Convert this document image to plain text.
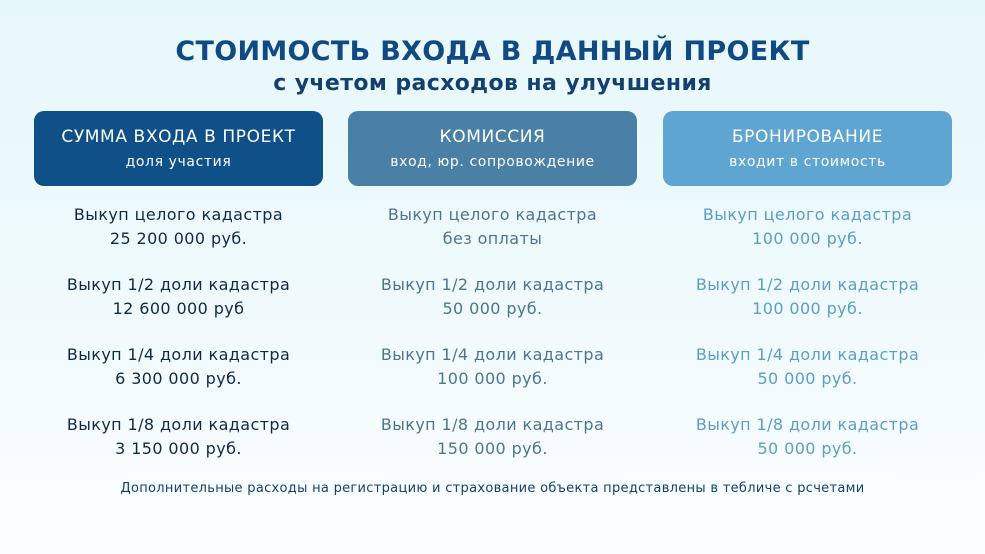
СТОИМОСТЬ ВХОДА В ДАННЫЙ ПРОЕКТ
с учетом расходов на улучшения
СУММА ВХОДА В ПРОЕКТ
доля участия
Выкуп целого кадастра
25 200 000 руб.
Выкуп 1/2 доли кадастра
12 600 000 руб
Выкуп 1/4 доли кадастра
6 300 000 руб.
Выкуп 1/8 доли кадастра
3 150 000 руб.
КОМИССИЯ
вход, юр. сопровождение
Выкуп целого кадастра
без оплаты
Выкуп 1/2 доли кадастра
50 000 руб.
Выкуп 1/4 доли кадастра
100 000 руб.
Выкуп 1/8 доли кадастра
150 000 руб.
БРОНИРОВАНИЕ
входит в стоимость
Выкуп целого кадастра
100 000 руб.
Выкуп 1/2 доли кадастра
100 000 руб.
Выкуп 1/4 доли кадастра
50 000 руб.
Выкуп 1/8 доли кадастра
50 000 руб.
Дополнительные расходы на регистрацию и страхование объекта представлены в тебличе с рсчетами
